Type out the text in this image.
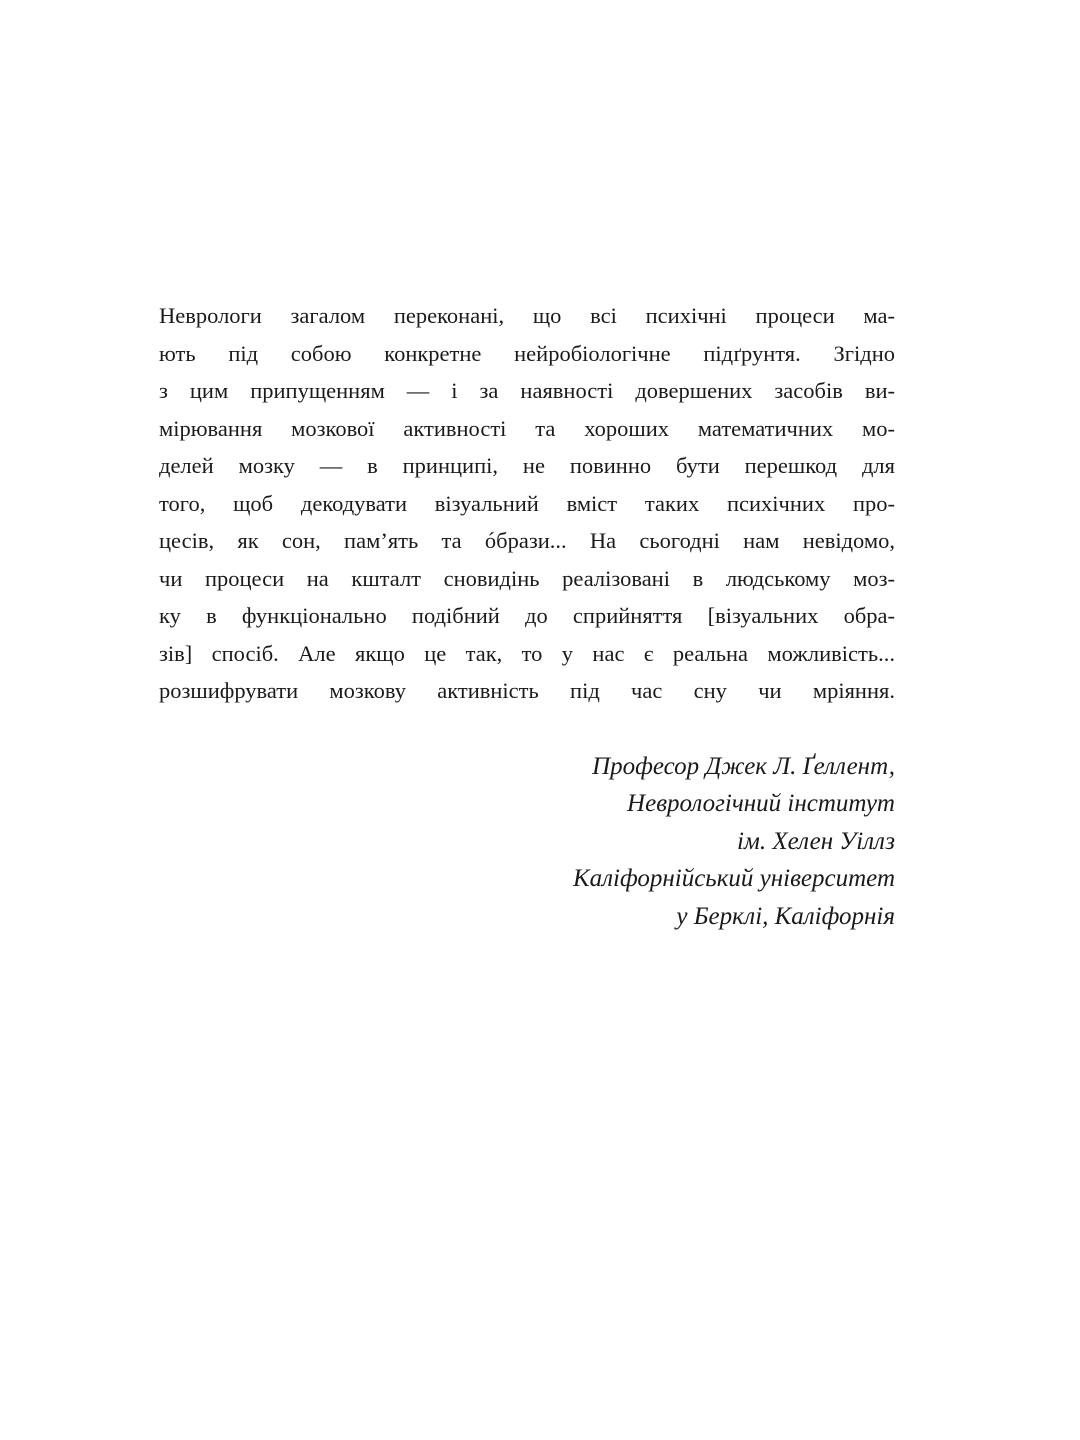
Неврологи загалом переконані, що всі психічні процеси ма-
ють під собою конкретне нейробіологічне підґрунтя. Згідно
з цим припущенням — і за наявності довершених засобів ви-
мірювання мозкової активності та хороших математичних мо-
делей мозку — в принципі, не повинно бути перешкод для
того, щоб декодувати візуальний вміст таких психічних про-
цесів, як сон, пам’ять та óбрази... На сьогодні нам невідомо,
чи процеси на кшталт сновидінь реалізовані в людському моз-
ку в функціонально подібний до сприйняття [візуальних обра-
зів] спосіб. Але якщо це так, то у нас є реальна можливість...
розшифрувати мозкову активність під час сну чи мріяння.
Професор Джек Л. Ґеллент,
Неврологічний інститут
ім. Хелен Уіллз
Каліфорнійський університет
у Берклі, Каліфорнія
